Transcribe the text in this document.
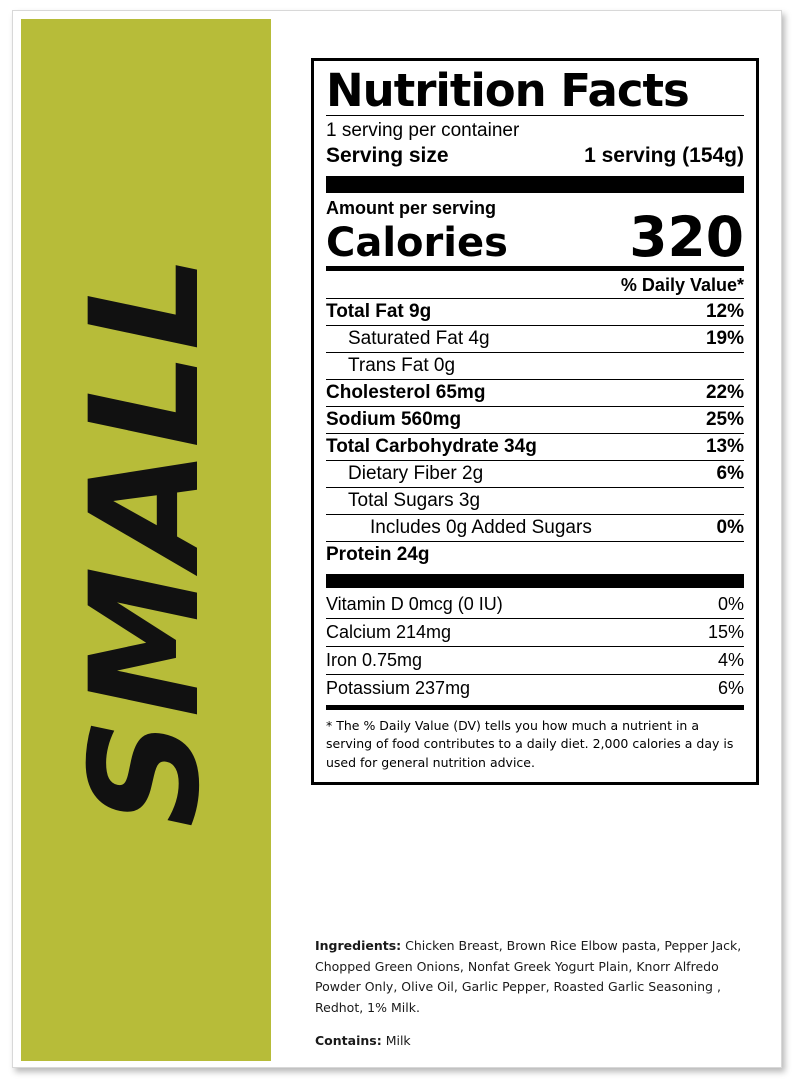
SMALL
Nutrition Facts
1 serving per container
Serving size	1 serving (154g)
Amount per serving
Calories 320
% Daily Value*
Total Fat 9g	12%
Saturated Fat 4g	19%
Trans Fat 0g
Cholesterol 65mg	22%
Sodium 560mg	25%
Total Carbohydrate 34g	13%
Dietary Fiber 2g	6%
Total Sugars 3g
Includes 0g Added Sugars	0%
Protein 24g
Vitamin D 0mcg (0 IU)	0%
Calcium 214mg	15%
Iron 0.75mg	4%
Potassium 237mg	6%
* The % Daily Value (DV) tells you how much a nutrient in a serving of food contributes to a daily diet. 2,000 calories a day is used for general nutrition advice.
Ingredients: Chicken Breast, Brown Rice Elbow pasta, Pepper Jack, Chopped Green Onions, Nonfat Greek Yogurt Plain, Knorr Alfredo Powder Only, Olive Oil, Garlic Pepper, Roasted Garlic Seasoning , Redhot, 1% Milk.
Contains: Milk
